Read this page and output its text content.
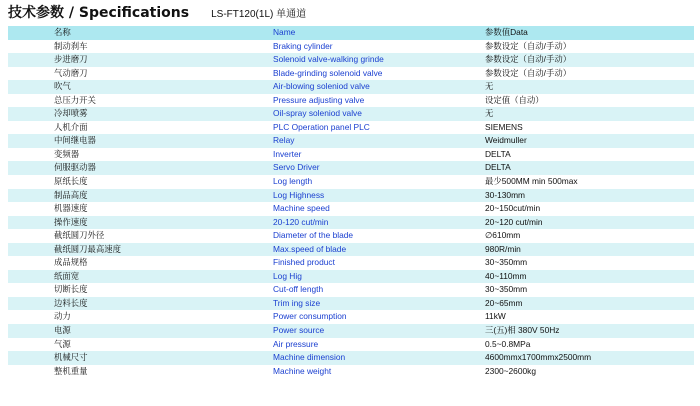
技术参数 / Specifications LS-FT120(1L) 单通道
名称	Name	参数值Data
制动刹车	Braking cylinder	参数设定（自动/手动）
步进磨刀	Solenoid valve-walking grinde	参数设定（自动/手动）
气动磨刀	Blade-grinding solenoid valve	参数设定（自动/手动）
吹气	Air-blowing soleniod valve	无
总压力开关	Pressure adjusting valve	设定值（自动）
冷却喷雾	Oil-spray soleniod valve	无
人机介面	PLC Operation panel PLC	SIEMENS
中间继电器	Relay	Weidmuller
变频器	Inverter	DELTA
伺服驱动器	Servo Driver	DELTA
原纸长度	Log length	最少500MM min 500max
制品高度	Log Highness	30-130mm
机器速度	Machine speed	20~150cut/min
操作速度	20-120 cut/min	20~120 cut/min
截纸圆刀外径	Diameter of the blade	∅610mm
截纸圆刀最高速度	Max.speed of blade	980R/min
成品规格	Finished product	30~350mm
纸面宽	Log Hig	40~110mm
切断长度	Cut-off length	30~350mm
边料长度	Trim ing size	20~65mm
动力	Power consumption	11kW
电源	Power source	三(五)相 380V 50Hz
气源	Air pressure	0.5~0.8MPa
机械尺寸	Machine dimension	4600mmx1700mmx2500mm
整机重量	Machine weight	2300~2600kg
